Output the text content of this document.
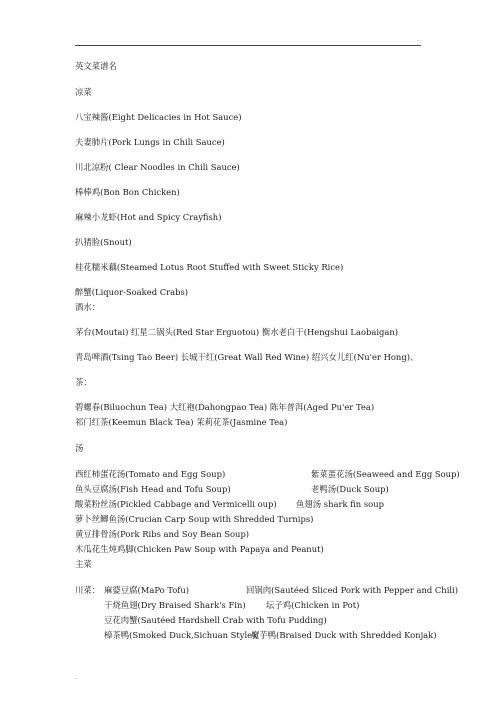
.
英文菜谱名
凉菜
八宝辣酱(Eight Delicacies in Hot Sauce)
夫妻肺片(Pork Lungs in Chili Sauce)
川北凉粉( Clear Noodles in Chili Sauce)
棒棒鸡(Bon Bon Chicken)
麻辣小龙虾(Hot and Spicy Crayfish)
扒猪脸(Snout)
桂花糯米藕(Steamed Lotus Root Stuffed with Sweet Sticky Rice)
醉蟹(Liquor-Soaked Crabs)
酒水：
茅台(Moutai) 红星二锅头(Red Star Erguotou) 衡水老白干(Hengshui Laobaigan)
青岛啤酒(Tsing Tao Beer) 长城干红(Great Wall Red Wine) 绍兴女儿红(Nu'er Hong)、
茶：
碧螺春(Biluochun Tea) 大红袍(Dahongpao Tea) 陈年普洱(Aged Pu'er Tea)
祁门红茶(Keemun Black Tea) 茉莉花茶(Jasmine Tea)
汤
西红柿蛋花汤(Tomato and Egg Soup)	紫菜蛋花汤(Seaweed and Egg Soup)
鱼头豆腐汤(Fish Head and Tofu Soup)	老鸭汤(Duck Soup)
酸菜粉丝汤(Pickled Cabbage and Vermicelli oup) 鱼翅汤 shark fin soup
萝卜丝鲫鱼汤(Crucian Carp Soup with Shredded Turnips)
黄豆排骨汤(Pork Ribs and Soy Bean Soup)
木瓜花生炖鸡脚(Chicken Paw Soup with Papaya and Peanut)
主菜
川菜： 麻婆豆腐(MaPo Tofu)	回锅肉(Sautéed Sliced Pork with Pepper and Chili)
干烧鱼翅(Dry Braised Shark's Fin) 坛子鸡(Chicken in Pot)
豆花肉蟹(Sautéed Hardshell Crab with Tofu Pudding)
樟茶鸭(Smoked Duck,Sichuan Style)
魔芋鸭(Braised Duck with Shredded Konjak)
.
